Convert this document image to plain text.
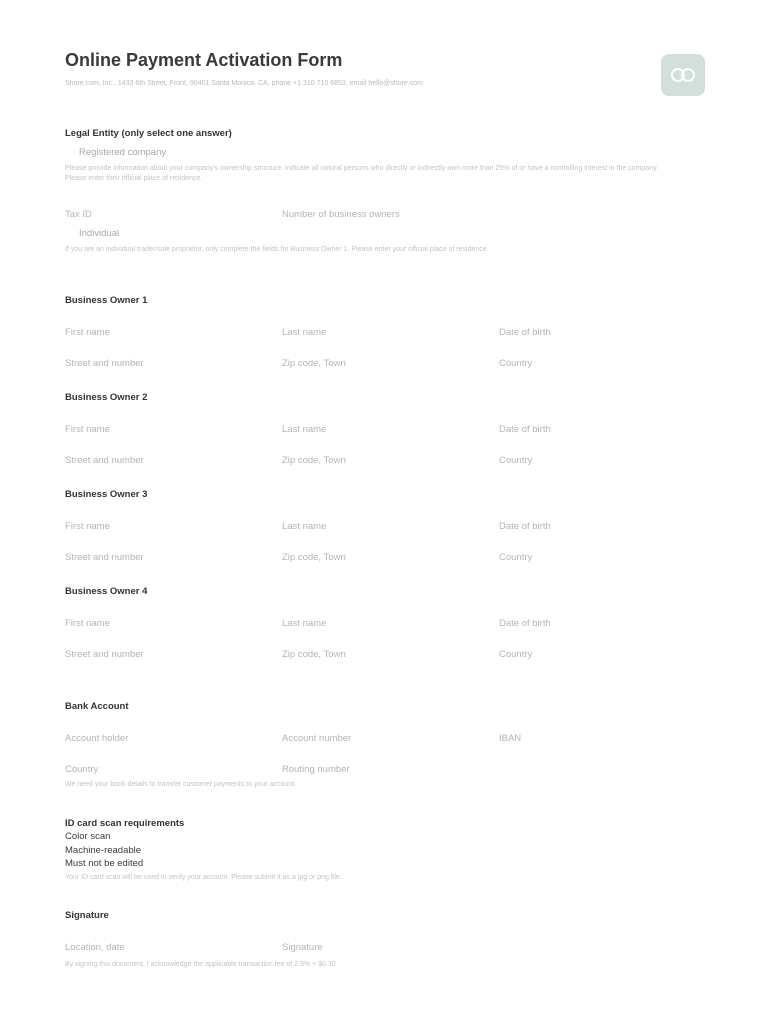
Online Payment Activation Form
Shore.com, Inc., 1433 6th Street, Front, 90401 Santa Monica, CA, phone +1 310 710 6853, email hello@shore.com
Legal Entity (only select one answer)
Registered company
Please provide information about your company's ownership structure. Indicate all natural persons who directly or indirectly own more than 25% of or have a controlling interest in the company.
Please enter their official place of residence.
Tax ID	Number of business owners
Individual
If you are an individual trader/sole proprietor, only complete the fields for Business Owner 1. Please enter your official place of residence.
Business Owner 1
First name	Last name	Date of birth
Street and number	Zip code, Town	Country
Business Owner 2
First name	Last name	Date of birth
Street and number	Zip code, Town	Country
Business Owner 3
First name	Last name	Date of birth
Street and number	Zip code, Town	Country
Business Owner 4
First name	Last name	Date of birth
Street and number	Zip code, Town	Country
Bank Account
Account holder	Account number	IBAN
Country	Routing number
We need your bank details to transfer customer payments to your account.
ID card scan requirements
Color scan
Machine-readable
Must not be edited
Your ID card scan will be used to verify your account. Please submit it as a jpg or png file.
Signature
Location, date	Signature
By signing this document, I acknowledge the applicable transaction fee of 2.9% + $0.30
